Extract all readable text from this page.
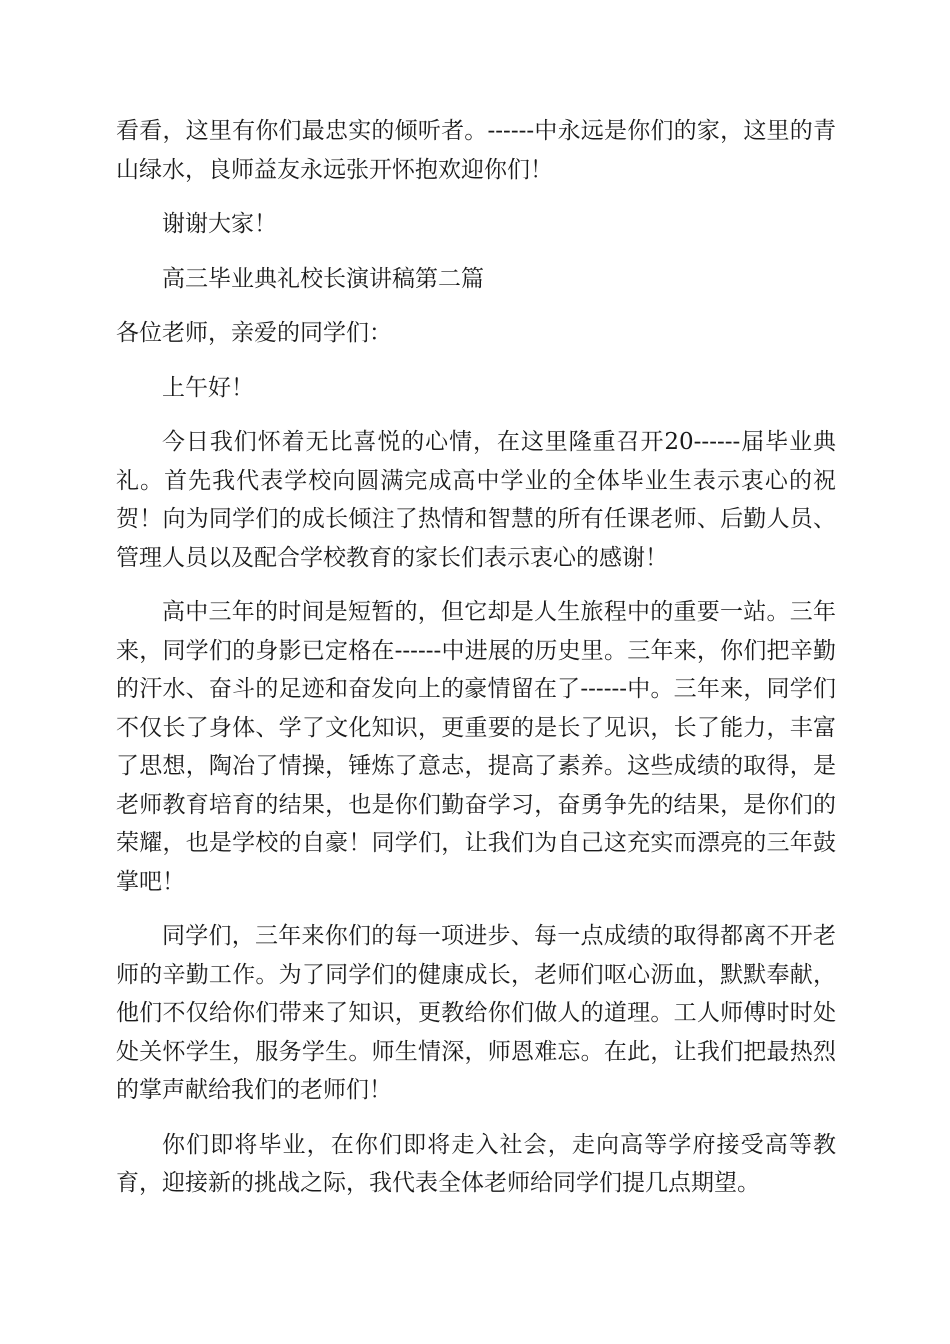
看看，这里有你们最忠实的倾听者。------中永远是你们的家，这里的青山绿水，良师益友永远张开怀抱欢迎你们！

谢谢大家！

高三毕业典礼校长演讲稿第二篇

各位老师，亲爱的同学们：

上午好！

今日我们怀着无比喜悦的心情，在这里隆重召开20------届毕业典礼。首先我代表学校向圆满完成高中学业的全体毕业生表示衷心的祝贺！向为同学们的成长倾注了热情和智慧的所有任课老师、后勤人员、管理人员以及配合学校教育的家长们表示衷心的感谢！

高中三年的时间是短暂的，但它却是人生旅程中的重要一站。三年来，同学们的身影已定格在------中进展的历史里。三年来，你们把辛勤的汗水、奋斗的足迹和奋发向上的豪情留在了------中。三年来，同学们不仅长了身体、学了文化知识，更重要的是长了见识，长了能力，丰富了思想，陶冶了情操，锤炼了意志，提高了素养。这些成绩的取得，是老师教育培育的结果，也是你们勤奋学习，奋勇争先的结果，是你们的荣耀，也是学校的自豪！同学们，让我们为自己这充实而漂亮的三年鼓掌吧！

同学们，三年来你们的每一项进步、每一点成绩的取得都离不开老师的辛勤工作。为了同学们的健康成长，老师们呕心沥血，默默奉献，他们不仅给你们带来了知识，更教给你们做人的道理。工人师傅时时处处关怀学生，服务学生。师生情深，师恩难忘。在此，让我们把最热烈的掌声献给我们的老师们！

你们即将毕业，在你们即将走入社会，走向高等学府接受高等教育，迎接新的挑战之际，我代表全体老师给同学们提几点期望。
